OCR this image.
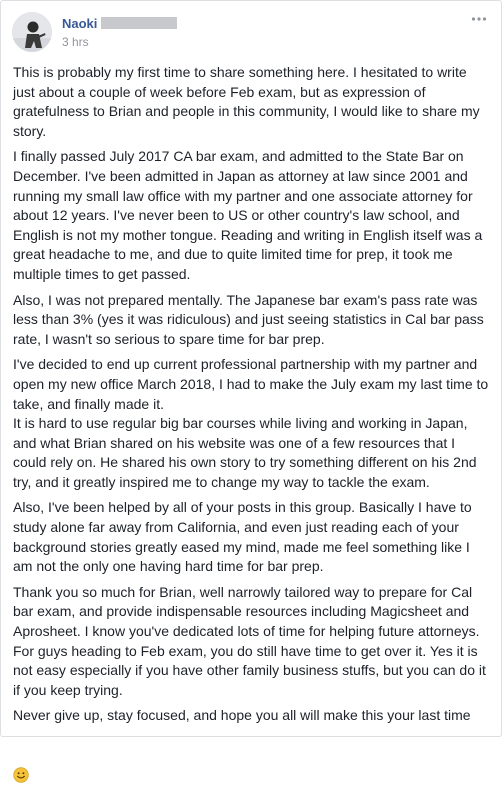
Naoki
3 hrs

This is probably my first time to share something here. I hesitated to write just about a couple of week before Feb exam, but as expression of gratefulness to Brian and people in this community, I would like to share my story.

I finally passed July 2017 CA bar exam, and admitted to the State Bar on December. I've been admitted in Japan as attorney at law since 2001 and running my small law office with my partner and one associate attorney for about 12 years. I've never been to US or other country's law school, and English is not my mother tongue. Reading and writing in English itself was a great headache to me, and due to quite limited time for prep, it took me multiple times to get passed.

Also, I was not prepared mentally. The Japanese bar exam's pass rate was less than 3% (yes it was ridiculous) and just seeing statistics in Cal bar pass rate, I wasn't so serious to spare time for bar prep.

I've decided to end up current professional partnership with my partner and open my new office March 2018, I had to make the July exam my last time to take, and finally made it.
It is hard to use regular big bar courses while living and working in Japan, and what Brian shared on his website was one of a few resources that I could rely on. He shared his own story to try something different on his 2nd try, and it greatly inspired me to change my way to tackle the exam.

Also, I've been helped by all of your posts in this group. Basically I have to study alone far away from California, and even just reading each of your background stories greatly eased my mind, made me feel something like I am not the only one having hard time for bar prep.

Thank you so much for Brian, well narrowly tailored way to prepare for Cal bar exam, and provide indispensable resources including Magicsheet and Aprosheet. I know you've dedicated lots of time for helping future attorneys. For guys heading to Feb exam, you do still have time to get over it. Yes it is not easy especially if you have other family business stuffs, but you can do it if you keep trying.

Never give up, stay focused, and hope you all will make this your last time
